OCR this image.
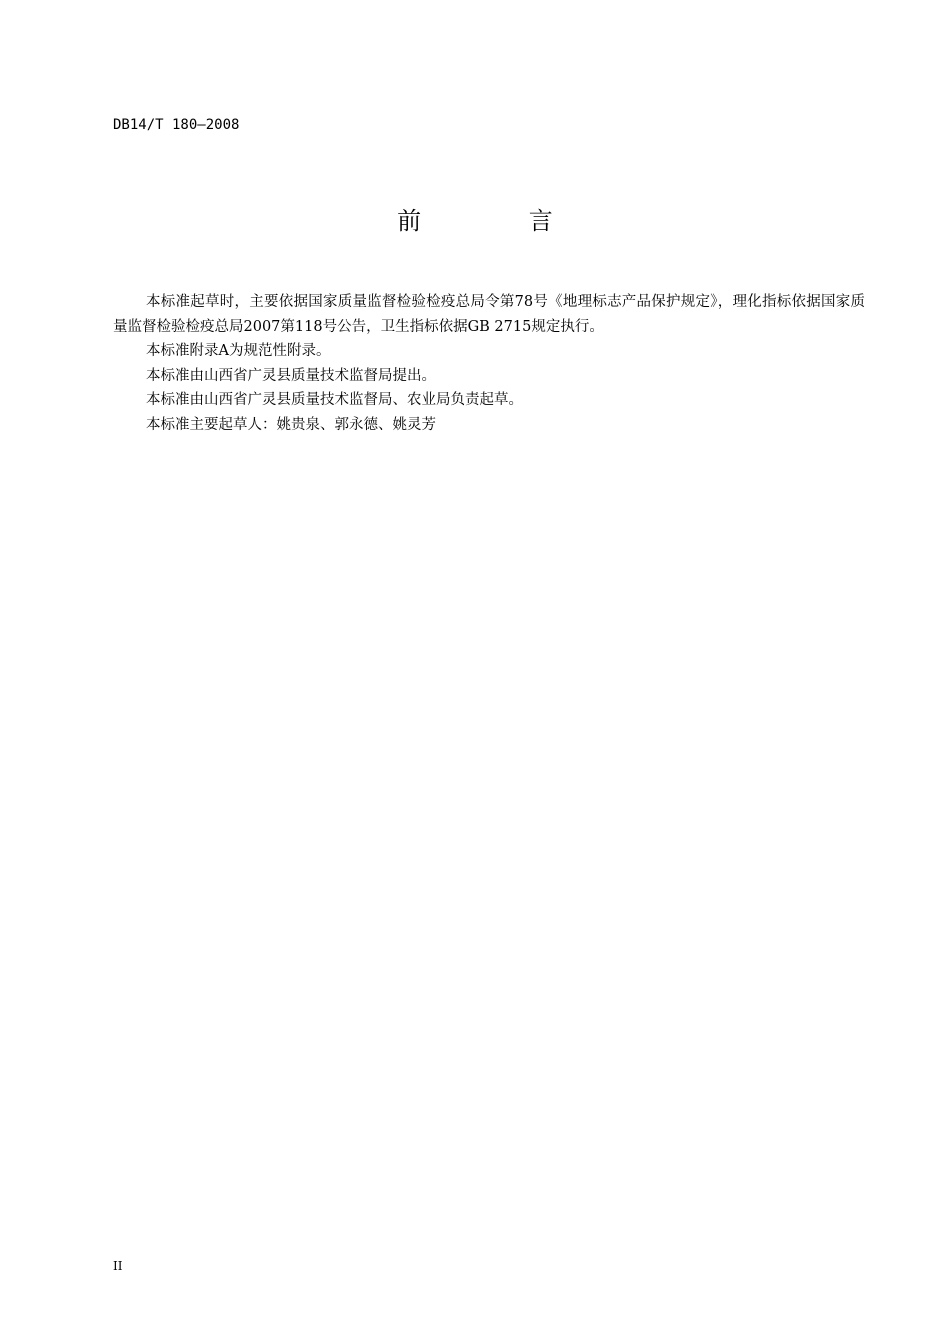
DB14/T 180—2008
前 言

本标准起草时，主要依据国家质量监督检验检疫总局令第78号《地理标志产品保护规定》，理化指标依据国家质量监督检验检疫总局2007第118号公告，卫生指标依据GB 2715规定执行。

本标准附录A为规范性附录。

本标准由山西省广灵县质量技术监督局提出。

本标准由山西省广灵县质量技术监督局、农业局负责起草。

本标准主要起草人：姚贵泉、郭永德、姚灵芳

II
